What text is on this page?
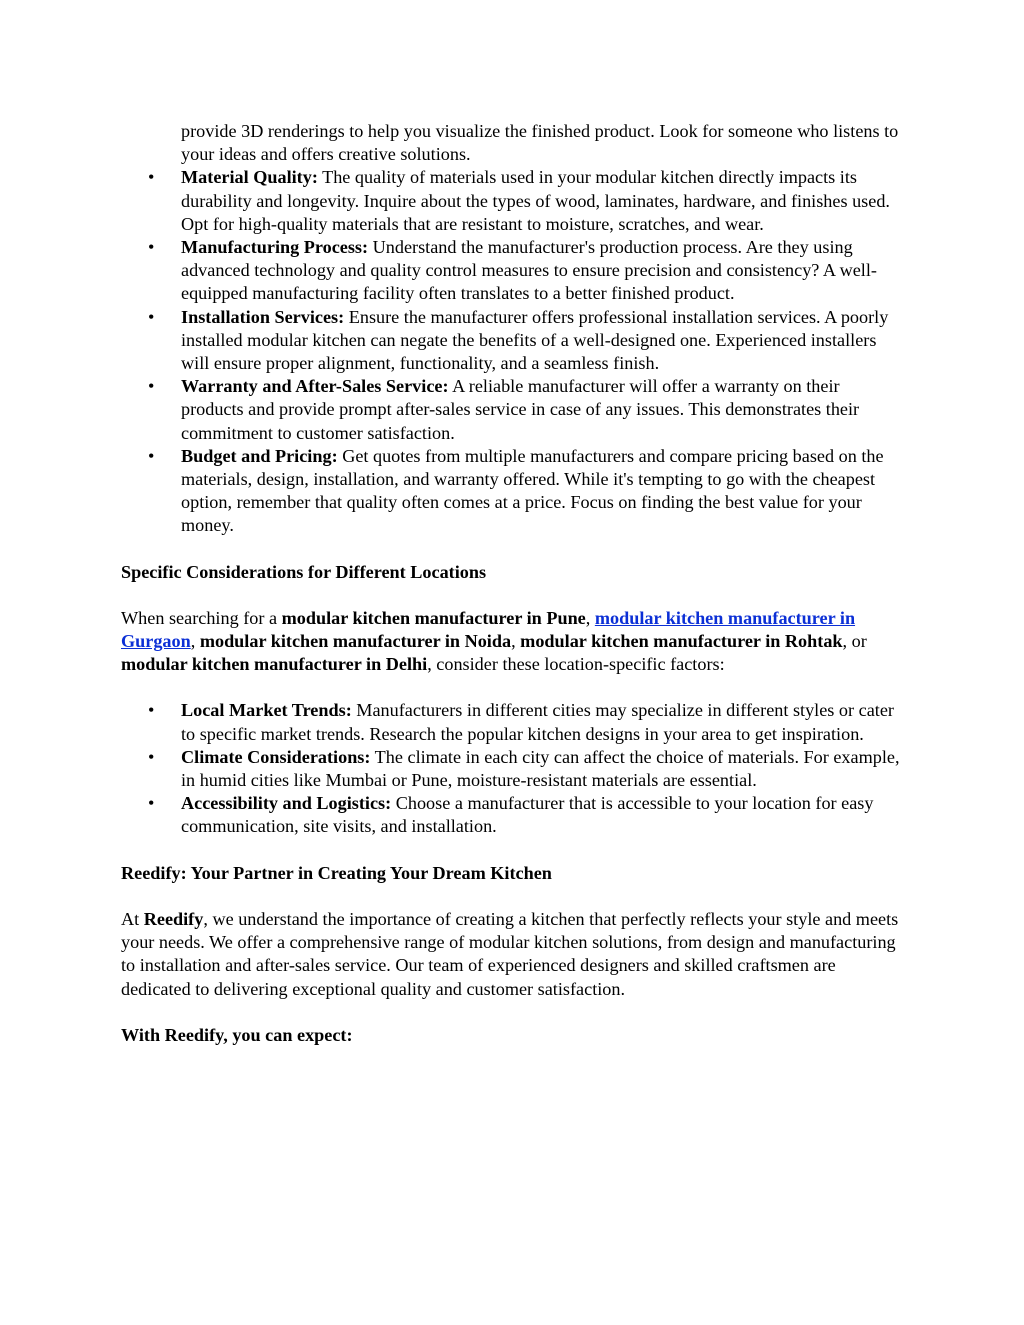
provide 3D renderings to help you visualize the finished product. Look for someone who listens to your ideas and offers creative solutions.

• Material Quality: The quality of materials used in your modular kitchen directly impacts its durability and longevity. Inquire about the types of wood, laminates, hardware, and finishes used. Opt for high-quality materials that are resistant to moisture, scratches, and wear.
• Manufacturing Process: Understand the manufacturer's production process. Are they using advanced technology and quality control measures to ensure precision and consistency? A well-equipped manufacturing facility often translates to a better finished product.
• Installation Services: Ensure the manufacturer offers professional installation services. A poorly installed modular kitchen can negate the benefits of a well-designed one. Experienced installers will ensure proper alignment, functionality, and a seamless finish.
• Warranty and After-Sales Service: A reliable manufacturer will offer a warranty on their products and provide prompt after-sales service in case of any issues. This demonstrates their commitment to customer satisfaction.
• Budget and Pricing: Get quotes from multiple manufacturers and compare pricing based on the materials, design, installation, and warranty offered. While it's tempting to go with the cheapest option, remember that quality often comes at a price. Focus on finding the best value for your money.

Specific Considerations for Different Locations

When searching for a modular kitchen manufacturer in Pune, modular kitchen manufacturer in Gurgaon, modular kitchen manufacturer in Noida, modular kitchen manufacturer in Rohtak, or modular kitchen manufacturer in Delhi, consider these location-specific factors:

• Local Market Trends: Manufacturers in different cities may specialize in different styles or cater to specific market trends. Research the popular kitchen designs in your area to get inspiration.
• Climate Considerations: The climate in each city can affect the choice of materials. For example, in humid cities like Mumbai or Pune, moisture-resistant materials are essential.
• Accessibility and Logistics: Choose a manufacturer that is accessible to your location for easy communication, site visits, and installation.

Reedify: Your Partner in Creating Your Dream Kitchen

At Reedify, we understand the importance of creating a kitchen that perfectly reflects your style and meets your needs. We offer a comprehensive range of modular kitchen solutions, from design and manufacturing to installation and after-sales service. Our team of experienced designers and skilled craftsmen are dedicated to delivering exceptional quality and customer satisfaction.

With Reedify, you can expect:
